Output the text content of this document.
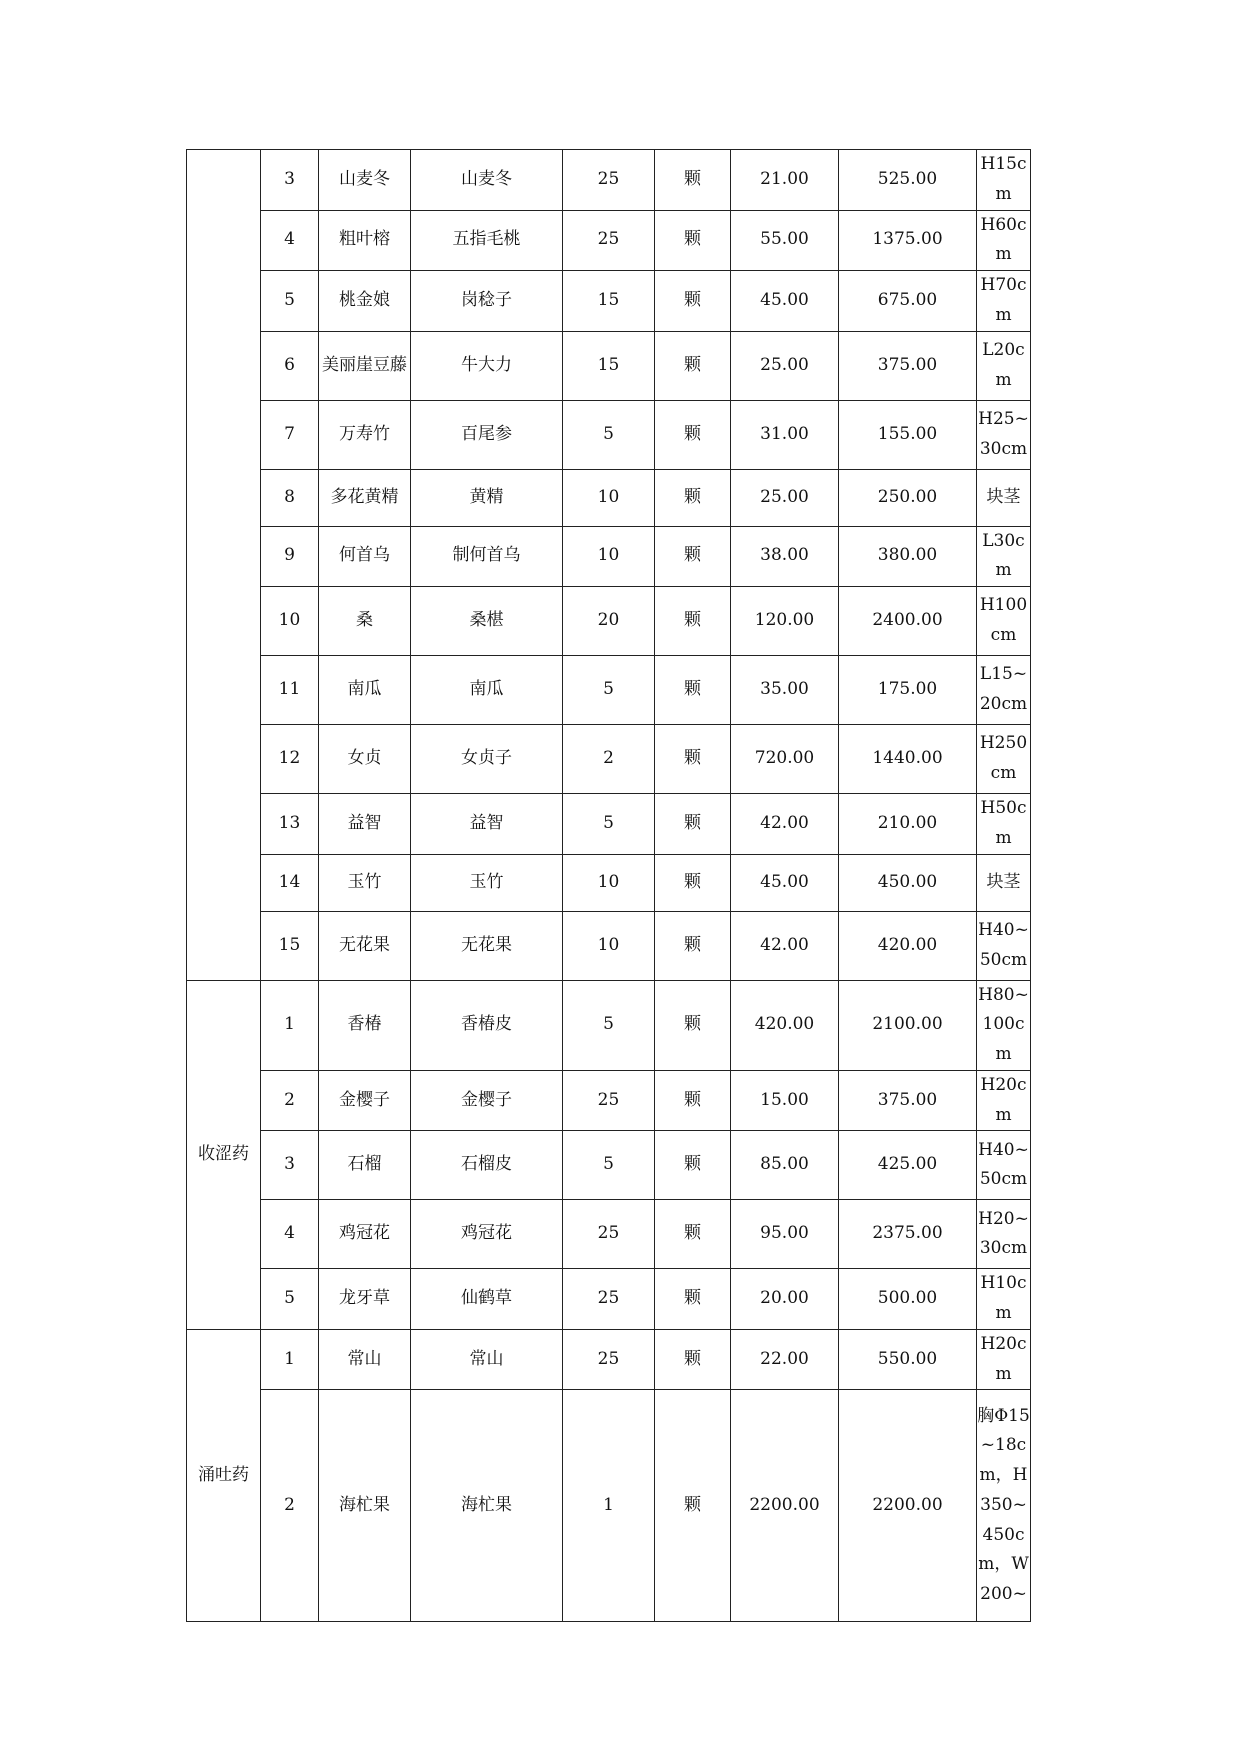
	3	山麦冬	山麦冬	25	颗	21.00	525.00	H15cm
	4	粗叶榕	五指毛桃	25	颗	55.00	1375.00	H60cm
	5	桃金娘	岗稔子	15	颗	45.00	675.00	H70cm
	6	美丽崖豆藤	牛大力	15	颗	25.00	375.00	L20cm
	7	万寿竹	百尾参	5	颗	31.00	155.00	H25~30cm
	8	多花黄精	黄精	10	颗	25.00	250.00	块茎
	9	何首乌	制何首乌	10	颗	38.00	380.00	L30cm
	10	桑	桑椹	20	颗	120.00	2400.00	H100cm
	11	南瓜	南瓜	5	颗	35.00	175.00	L15~20cm
	12	女贞	女贞子	2	颗	720.00	1440.00	H250cm
	13	益智	益智	5	颗	42.00	210.00	H50cm
	14	玉竹	玉竹	10	颗	45.00	450.00	块茎
	15	无花果	无花果	10	颗	42.00	420.00	H40~50cm
收涩药	1	香椿	香椿皮	5	颗	420.00	2100.00	H80~100cm
	2	金樱子	金樱子	25	颗	15.00	375.00	H20cm
	3	石榴	石榴皮	5	颗	85.00	425.00	H40~50cm
	4	鸡冠花	鸡冠花	25	颗	95.00	2375.00	H20~30cm
	5	龙牙草	仙鹤草	25	颗	20.00	500.00	H10cm
涌吐药	1	常山	常山	25	颗	22.00	550.00	H20cm
	2	海杧果	海杧果	1	颗	2200.00	2200.00	胸Φ15~18cm，H350~450cm，W200~
